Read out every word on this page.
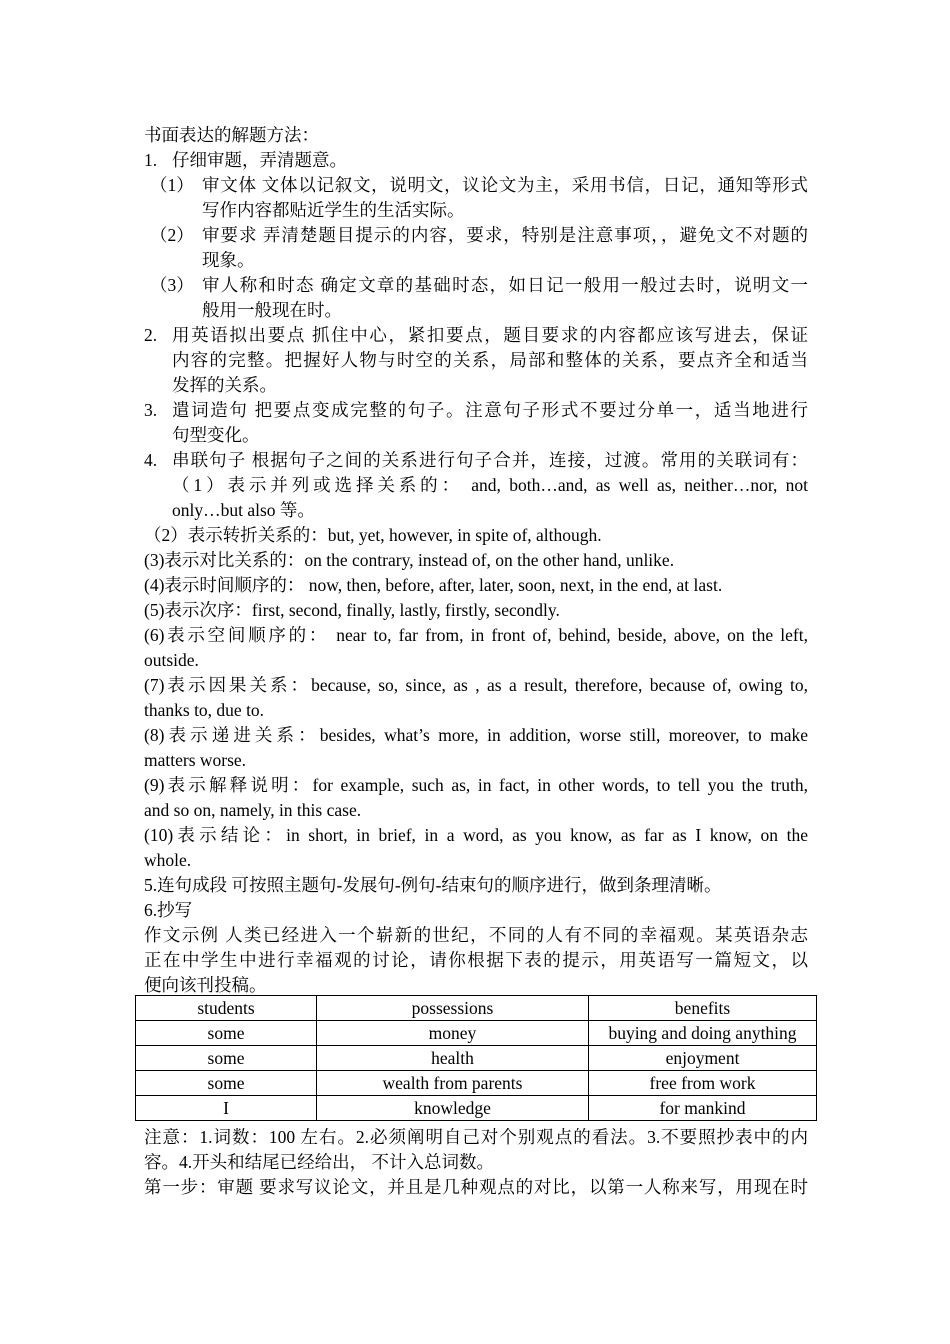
书面表达的解题方法：
1. 仔细审题，弄清题意。
（1） 审文体 文体以记叙文，说明文，议论文为主，采用书信，日记，通知等形式
写作内容都贴近学生的生活实际。
（2） 审要求 弄清楚题目提示的内容，要求，特别是注意事项，，避免文不对题的
现象。
（3） 审人称和时态 确定文章的基础时态，如日记一般用一般过去时，说明文一
般用一般现在时。
2. 用英语拟出要点 抓住中心，紧扣要点，题目要求的内容都应该写进去，保证
内容的完整。把握好人物与时空的关系，局部和整体的关系，要点齐全和适当
发挥的关系。
3. 遣词造句 把要点变成完整的句子。注意句子形式不要过分单一，适当地进行
句型变化。
4. 串联句子 根据句子之间的关系进行句子合并，连接，过渡。常用的关联词有：
（1）表示并列或选择关系的： and, both…and, as well as, neither…nor, not
only…but also 等。
（2）表示转折关系的：but, yet, however, in spite of, although.
(3)表示对比关系的：on the contrary, instead of, on the other hand, unlike.
(4)表示时间顺序的： now, then, before, after, later, soon, next, in the end, at last.
(5)表示次序：first, second, finally, lastly, firstly, secondly.
(6)表示空间顺序的： near to, far from, in front of, behind, beside, above, on the left,
outside.
(7)表示因果关系：because, so, since, as , as a result, therefore, because of, owing to,
thanks to, due to.
(8)表示递进关系：besides, what’s more, in addition, worse still, moreover, to make
matters worse.
(9)表示解释说明：for example, such as, in fact, in other words, to tell you the truth,
and so on, namely, in this case.
(10)表示结论：in short, in brief, in a word, as you know, as far as I know, on the
whole.
5.连句成段 可按照主题句-发展句-例句-结束句的顺序进行，做到条理清晰。
6.抄写
作文示例 人类已经进入一个崭新的世纪，不同的人有不同的幸福观。某英语杂志
正在中学生中进行幸福观的讨论，请你根据下表的提示，用英语写一篇短文，以
便向该刊投稿。
students	possessions	benefits
some	money	buying and doing anything
some	health	enjoyment
some	wealth from parents	free from work
I	knowledge	for mankind
注意：1.词数：100 左右。2.必须阐明自己对个别观点的看法。3.不要照抄表中的内
容。4.开头和结尾已经给出， 不计入总词数。
第一步：审题 要求写议论文，并且是几种观点的对比，以第一人称来写，用现在时
